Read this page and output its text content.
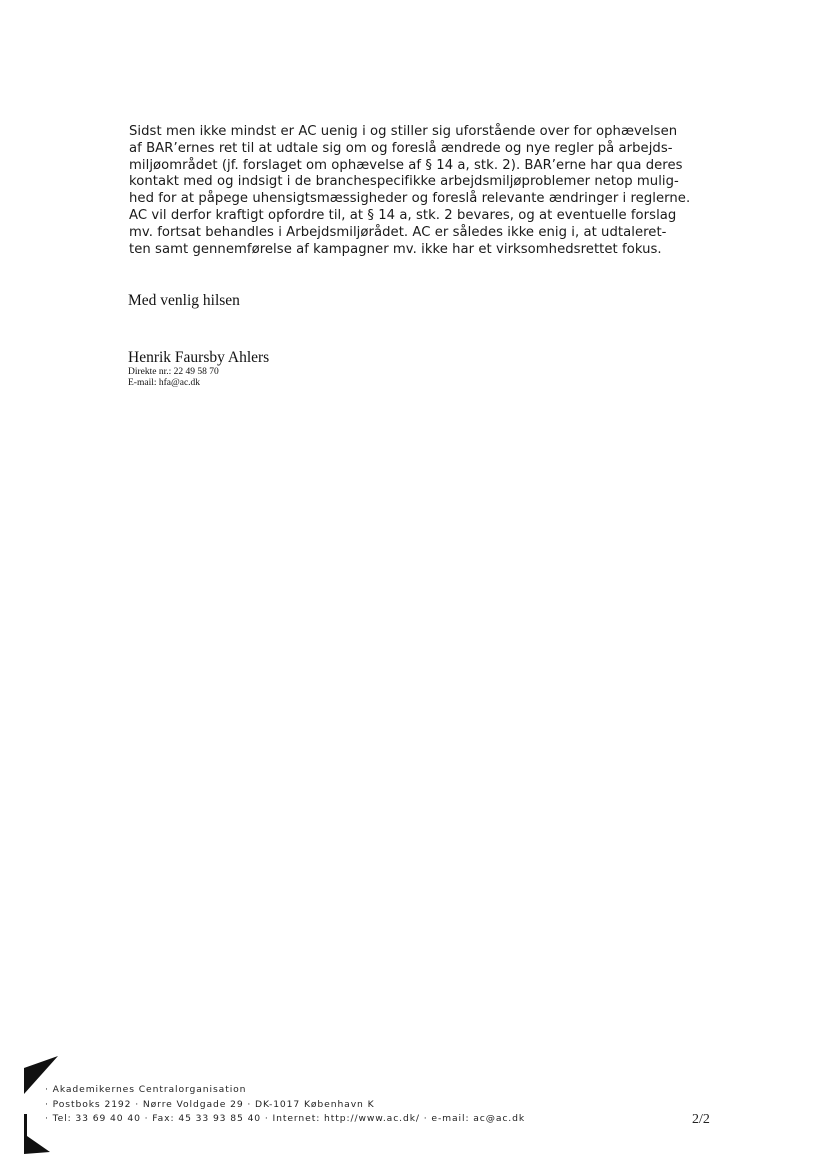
Sidst men ikke mindst er AC uenig i og stiller sig uforstående over for ophævelsen
af BAR’ernes ret til at udtale sig om og foreslå ændrede og nye regler på arbejds-
miljøområdet (jf. forslaget om ophævelse af § 14 a, stk. 2). BAR’erne har qua deres
kontakt med og indsigt i de branchespecifikke arbejdsmiljøproblemer netop mulig-
hed for at påpege uhensigtsmæssigheder og foreslå relevante ændringer i reglerne.
AC vil derfor kraftigt opfordre til, at § 14 a, stk. 2 bevares, og at eventuelle forslag
mv. fortsat behandles i Arbejdsmiljørådet. AC er således ikke enig i, at udtaleret-
ten samt gennemførelse af kampagner mv. ikke har et virksomhedsrettet fokus.
Med venlig hilsen
Henrik Faursby Ahlers
Direkte nr.: 22 49 58 70
E-mail: hfa@ac.dk
· Akademikernes Centralorganisation
· Postboks 2192 · Nørre Voldgade 29 · DK-1017 København K
· Tel: 33 69 40 40 · Fax: 45 33 93 85 40 · Internet: http://www.ac.dk/ · e-mail: ac@ac.dk	2/2
